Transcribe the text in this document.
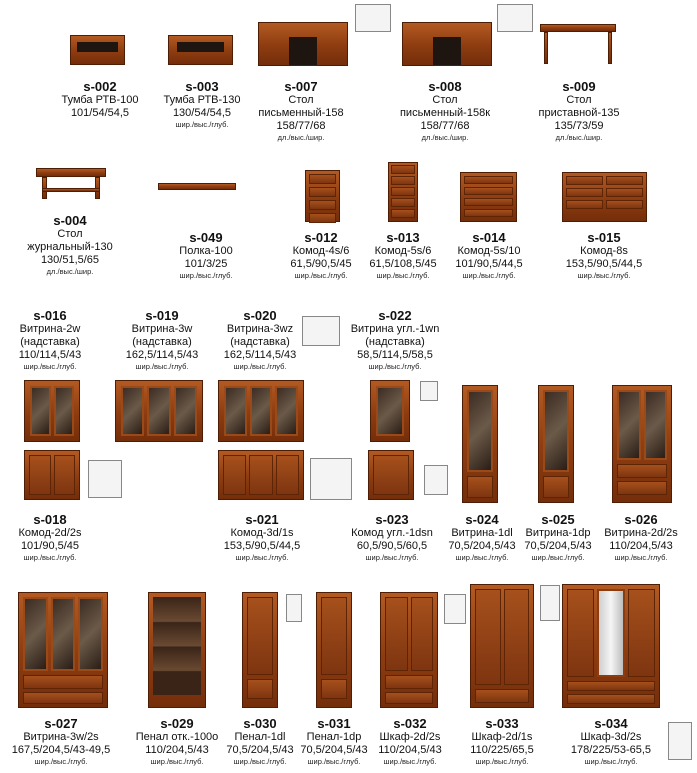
s-002
Тумба РТВ-100
101/54/54,5
s-003
Тумба РТВ-130
130/54/54,5
шир./выс./глуб.
s-007
Стол
письменный-158
158/77/68
дл./выс./шир.
s-008
Стол
письменный-158к
158/77/68
дл./выс./шир.
s-009
Стол
приставной-135
135/73/59
дл./выс./шир.
s-004
Стол
журнальный-130
130/51,5/65
дл./выс./шир.
s-049
Полка-100
101/3/25
шир./выс./глуб.
s-012
Комод-4s/6
61,5/90,5/45
шир./выс./глуб.
s-013
Комод-5s/6
61,5/108,5/45
шир./выс./глуб.
s-014
Комод-5s/10
101/90,5/44,5
шир./выс./глуб.
s-015
Комод-8s
153,5/90,5/44,5
шир./выс./глуб.
s-016
Витрина-2w
(надставка)
110/114,5/43
шир./выс./глуб.
s-019
Витрина-3w
(надставка)
162,5/114,5/43
шир./выс./глуб.
s-020
Витрина-3wz
(надставка)
162,5/114,5/43
шир./выс./глуб.
s-022
Витрина угл.-1wn
(надставка)
58,5/114,5/58,5
шир./выс./глуб.
s-018
Комод-2d/2s
101/90,5/45
шир./выс./глуб.
s-021
Комод-3d/1s
153,5/90,5/44,5
шир./выс./глуб.
s-023
Комод угл.-1dsn
60,5/90,5/60,5
шир./выс./глуб.
s-024
Витрина-1dl
70,5/204,5/43
шир./выс./глуб.
s-025
Витрина-1dp
70,5/204,5/43
шир./выс./глуб.
s-026
Витрина-2d/2s
110/204,5/43
шир./выс./глуб.
s-027
Витрина-3w/2s
167,5/204,5/43-49,5
шир./выс./глуб.
s-029
Пенал отк.-100о
110/204,5/43
шир./выс./глуб.
s-030
Пенал-1dl
70,5/204,5/43
шир./выс./глуб.
s-031
Пенал-1dp
70,5/204,5/43
шир./выс./глуб.
s-032
Шкаф-2d/2s
110/204,5/43
шир./выс./глуб.
s-033
Шкаф-2d/1s
110/225/65,5
шир./выс./глуб.
s-034
Шкаф-3d/2s
178/225/53-65,5
шир./выс./глуб.
